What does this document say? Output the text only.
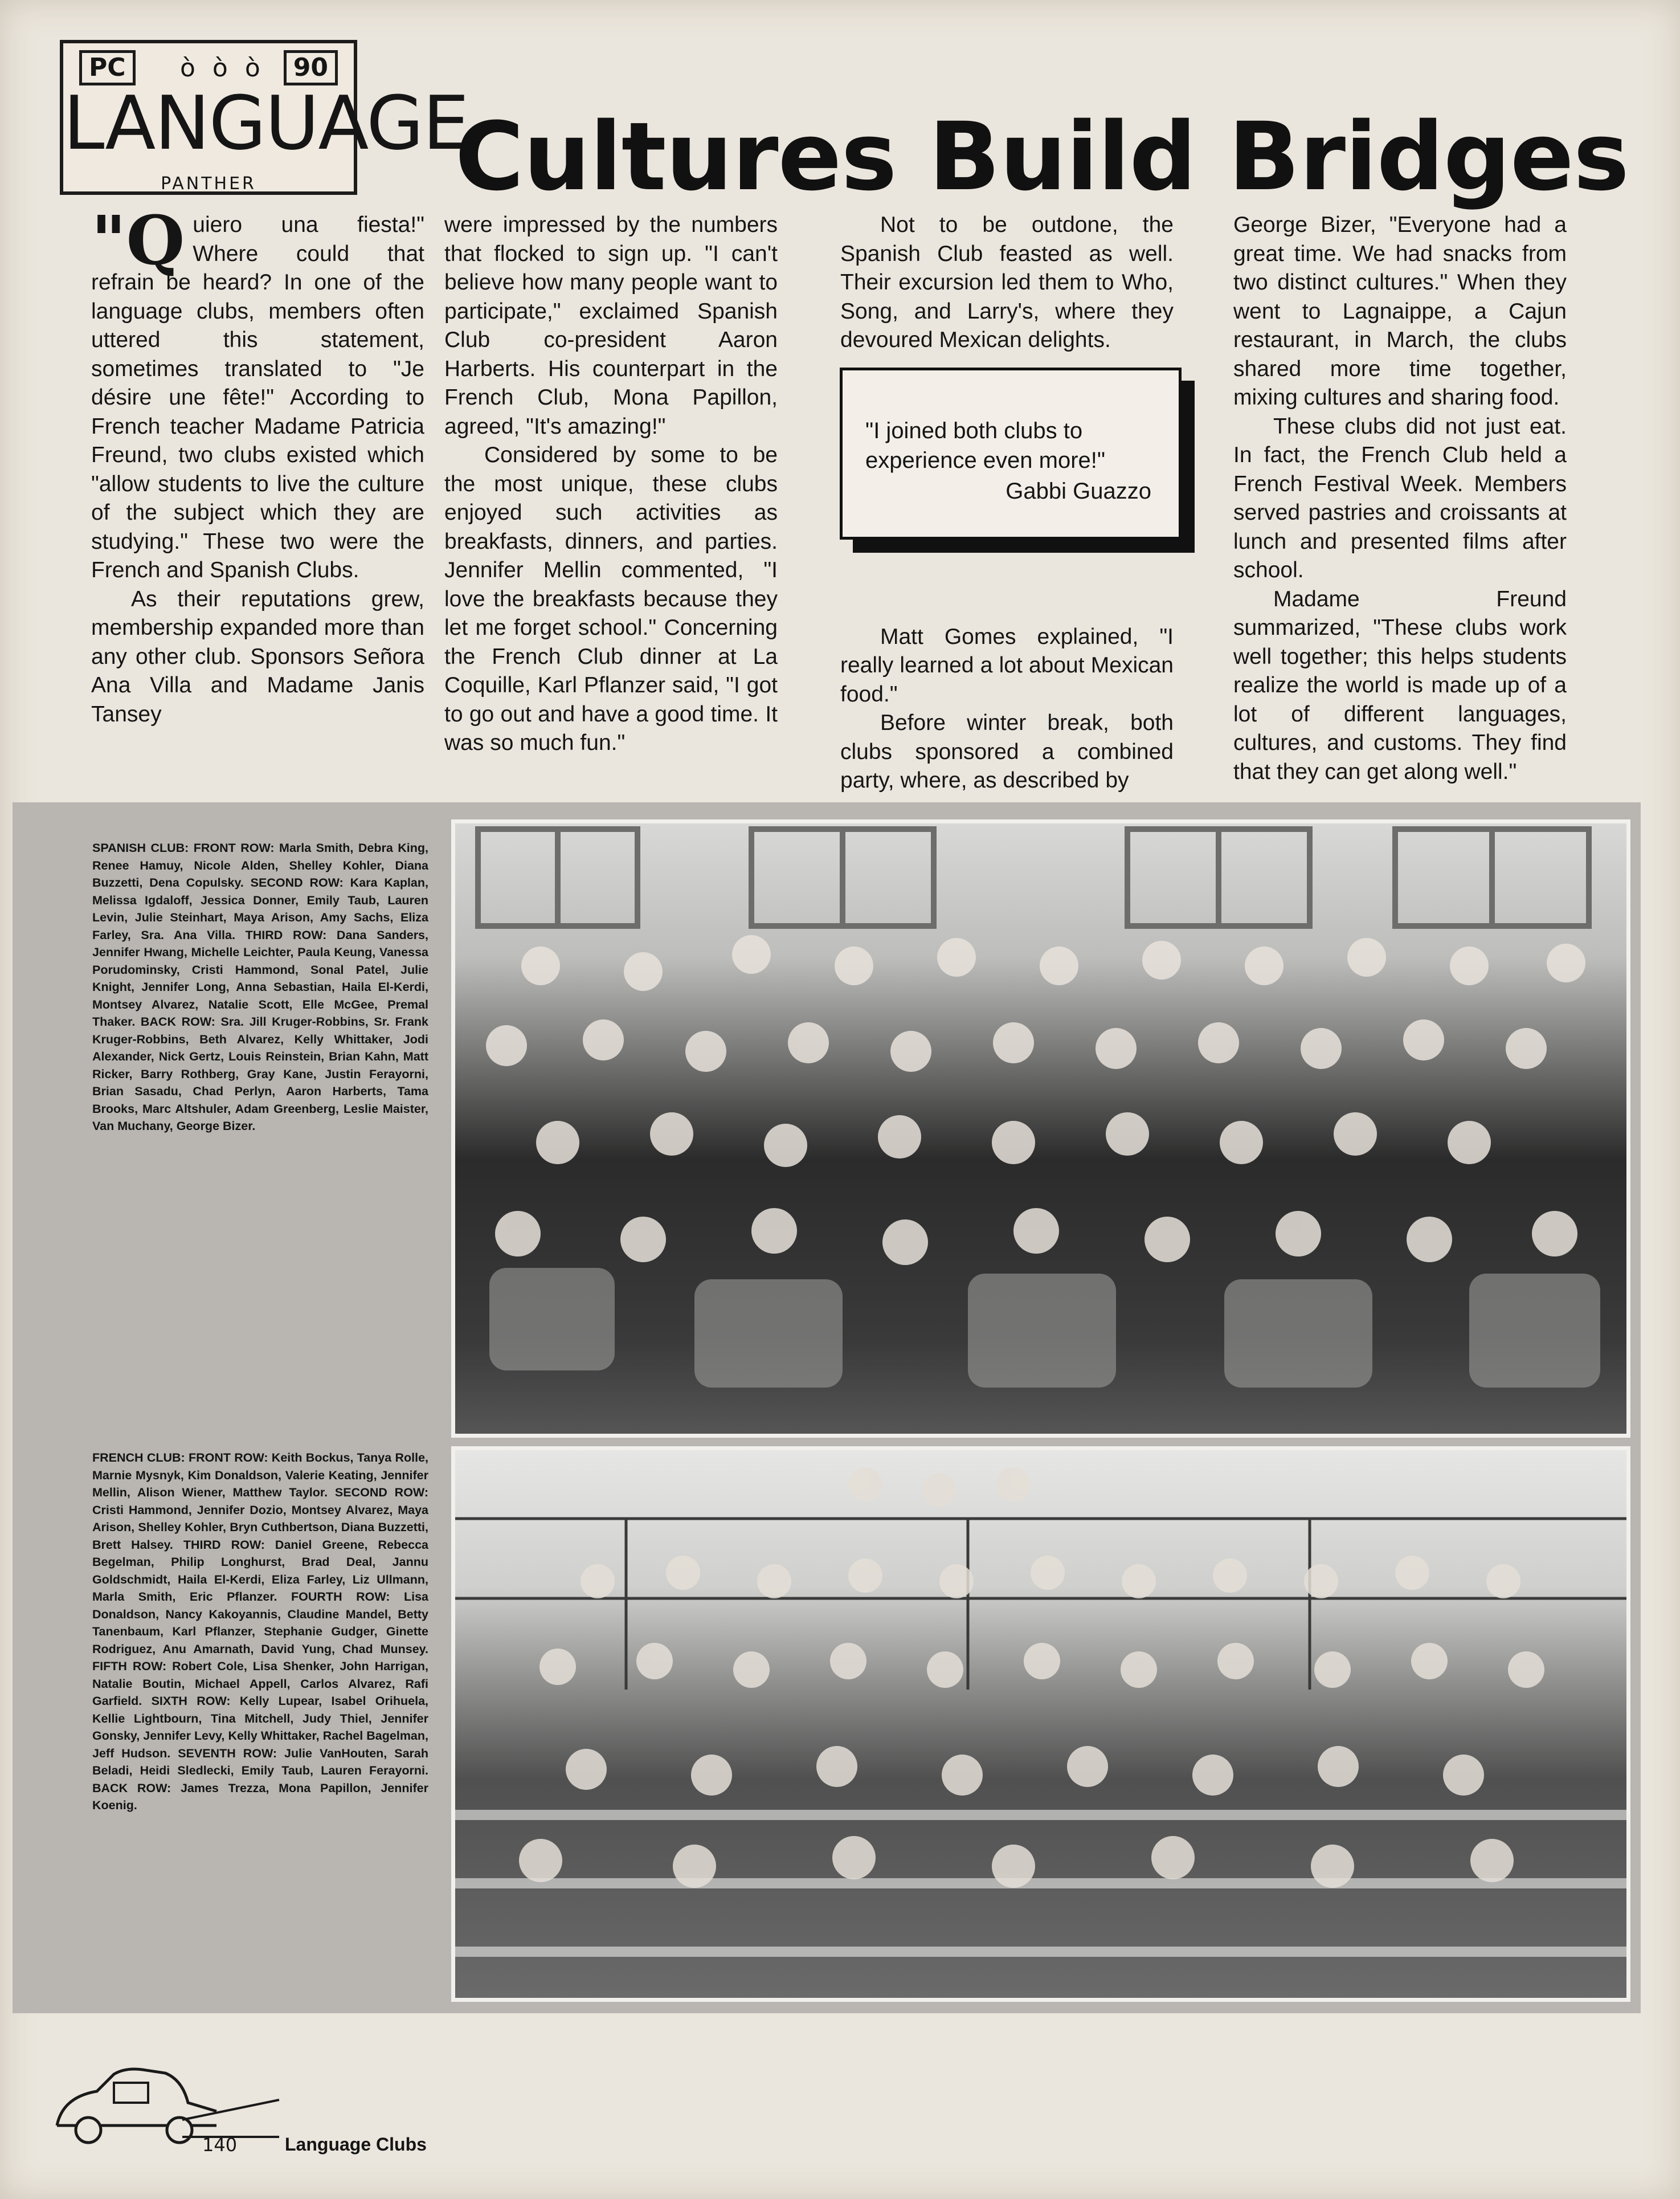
PC	ò ò ò	90
LANGUAGE
PANTHER	Cultures Build Bridges

"Q uiero una fiesta!" Where could that refrain be heard? In one of the language clubs, members often uttered this statement, sometimes translated to "Je désire une fête!" According to French teacher Madame Patricia Freund, two clubs existed which "allow students to live the culture of the subject which they are studying." These two were the French and Spanish Clubs.

As their reputations grew, membership expanded more than any other club. Sponsors Señora Ana Villa and Madame Janis Tansey

were impressed by the numbers that flocked to sign up. "I can't believe how many people want to participate," exclaimed Spanish Club co-president Aaron Harberts. His counterpart in the French Club, Mona Papillon, agreed, "It's amazing!"

Considered by some to be the most unique, these clubs enjoyed such activities as breakfasts, dinners, and parties. Jennifer Mellin commented, "I love the breakfasts because they let me forget school." Concerning the French Club dinner at La Coquille, Karl Pflanzer said, "I got to go out and have a good time. It was so much fun."

Not to be outdone, the Spanish Club feasted as well. Their excursion led them to Who, Song, and Larry's, where they devoured Mexican delights.

Matt Gomes explained, "I really learned a lot about Mexican food."

Before winter break, both clubs sponsored a combined party, where, as described by

George Bizer, "Everyone had a great time. We had snacks from two distinct cultures." When they went to Lagnaippe, a Cajun restaurant, in March, the clubs shared more time together, mixing cultures and sharing food.

These clubs did not just eat. In fact, the French Club held a French Festival Week. Members served pastries and croissants at lunch and presented films after school.

Madame Freund summarized, "These clubs work well together; this helps students realize the world is made up of a lot of different languages, cultures, and customs. They find that they can get along well."

"I joined both clubs to experience even more!"
Gabbi Guazzo
SPANISH CLUB: FRONT ROW: Marla Smith, Debra King, Renee Hamuy, Nicole Alden, Shelley Kohler, Diana Buzzetti, Dena Copulsky. SECOND ROW: Kara Kaplan, Melissa Igdaloff, Jessica Donner, Emily Taub, Lauren Levin, Julie Steinhart, Maya Arison, Amy Sachs, Eliza Farley, Sra. Ana Villa. THIRD ROW: Dana Sanders, Jennifer Hwang, Michelle Leichter, Paula Keung, Vanessa Porudominsky, Cristi Hammond, Sonal Patel, Julie Knight, Jennifer Long, Anna Sebastian, Haila El-Kerdi, Montsey Alvarez, Natalie Scott, Elle McGee, Premal Thaker. BACK ROW: Sra. Jill Kruger-Robbins, Sr. Frank Kruger-Robbins, Beth Alvarez, Kelly Whittaker, Jodi Alexander, Nick Gertz, Louis Reinstein, Brian Kahn, Matt Ricker, Barry Rothberg, Gray Kane, Justin Ferayorni, Brian Sasadu, Chad Perlyn, Aaron Harberts, Tama Brooks, Marc Altshuler, Adam Greenberg, Leslie Maister, Van Muchany, George Bizer.
FRENCH CLUB: FRONT ROW: Keith Bockus, Tanya Rolle, Marnie Mysnyk, Kim Donaldson, Valerie Keating, Jennifer Mellin, Alison Wiener, Matthew Taylor. SECOND ROW: Cristi Hammond, Jennifer Dozio, Montsey Alvarez, Maya Arison, Shelley Kohler, Bryn Cuthbertson, Diana Buzzetti, Brett Halsey. THIRD ROW: Daniel Greene, Rebecca Begelman, Philip Longhurst, Brad Deal, Jannu Goldschmidt, Haila El-Kerdi, Eliza Farley, Liz Ullmann, Marla Smith, Eric Pflanzer. FOURTH ROW: Lisa Donaldson, Nancy Kakoyannis, Claudine Mandel, Betty Tanenbaum, Karl Pflanzer, Stephanie Gudger, Ginette Rodriguez, Anu Amarnath, David Yung, Chad Munsey. FIFTH ROW: Robert Cole, Lisa Shenker, John Harrigan, Natalie Boutin, Michael Appell, Carlos Alvarez, Rafi Garfield. SIXTH ROW: Kelly Lupear, Isabel Orihuela, Kellie Lightbourn, Tina Mitchell, Judy Thiel, Jennifer Gonsky, Jennifer Levy, Kelly Whittaker, Rachel Bagelman, Jeff Hudson. SEVENTH ROW: Julie VanHouten, Sarah Beladi, Heidi Sledlecki, Emily Taub, Lauren Ferayorni. BACK ROW: James Trezza, Mona Papillon, Jennifer Koenig.
140	Language Clubs
